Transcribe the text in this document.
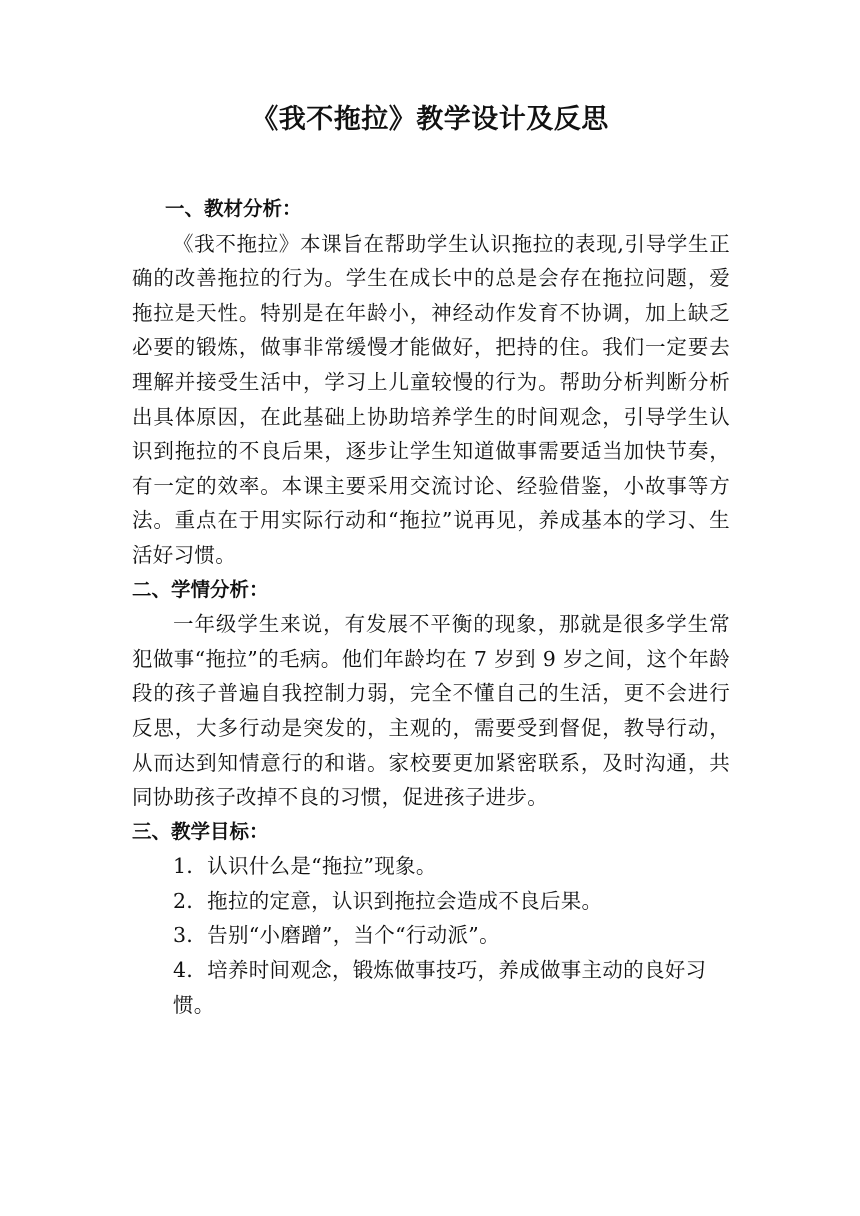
《我不拖拉》教学设计及反思
一、教材分析：

《我不拖拉》本课旨在帮助学生认识拖拉的表现,引导学生正确的改善拖拉的行为。学生在成长中的总是会存在拖拉问题，爱拖拉是天性。特别是在年龄小，神经动作发育不协调，加上缺乏必要的锻炼，做事非常缓慢才能做好，把持的住。我们一定要去理解并接受生活中，学习上儿童较慢的行为。帮助分析判断分析出具体原因，在此基础上协助培养学生的时间观念，引导学生认识到拖拉的不良后果，逐步让学生知道做事需要适当加快节奏，有一定的效率。本课主要采用交流讨论、经验借鉴，小故事等方法。重点在于用实际行动和“拖拉”说再见，养成基本的学习、生活好习惯。

二、学情分析：

一年级学生来说，有发展不平衡的现象，那就是很多学生常犯做事“拖拉”的毛病。他们年龄均在 7 岁到 9 岁之间，这个年龄段的孩子普遍自我控制力弱，完全不懂自己的生活，更不会进行反思，大多行动是突发的，主观的，需要受到督促，教导行动，从而达到知情意行的和谐。家校要更加紧密联系，及时沟通，共同协助孩子改掉不良的习惯，促进孩子进步。

三、教学目标：

1．认识什么是“拖拉”现象。

2．拖拉的定意，认识到拖拉会造成不良后果。

3．告别“小磨蹭”，当个“行动派”。

4．培养时间观念，锻炼做事技巧，养成做事主动的良好习惯。
